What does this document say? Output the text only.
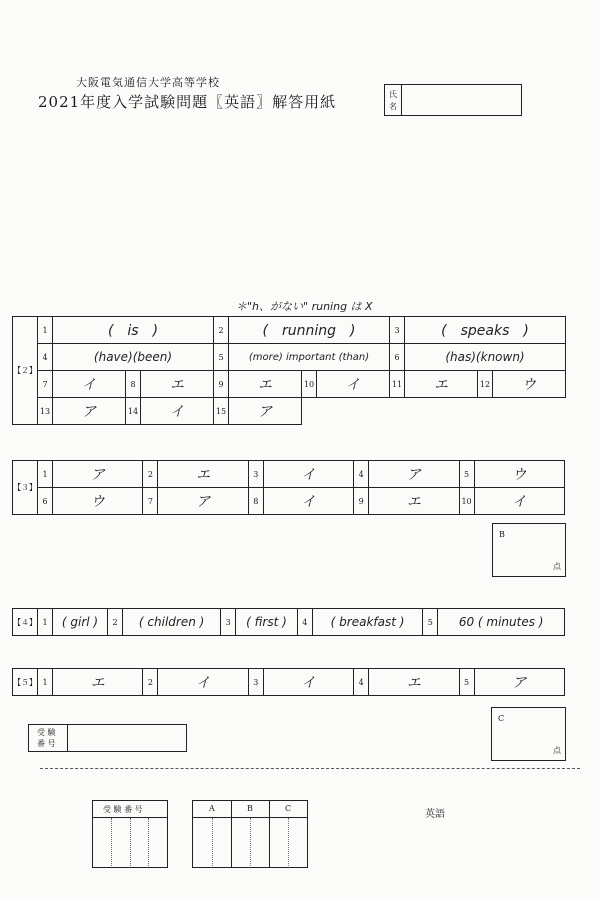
大阪電気通信大学高等学校
2021年度入学試験問題〖英語〗解答用紙	氏
名
＊"h、がない" runing は X
【２】	1	(　is　)			2	(　running　)			3	(　speaks　)		
	4	(have)(been)			5	(more) important (than)			6	(has)(known)		
	7	イ	8	エ	9	エ	10	イ	11	エ	12	ウ
	13	ア	14	イ	15	ア						
【３】	1	ア	2	エ	3	イ	4	ア	5	ウ
	6	ウ	7	ア	8	イ	9	エ	10	イ
B
点
【４】	1	( girl )	2	( children )	3	( first )	4	( breakfast )	5	60 ( minutes )
【５】	1	エ	2	イ	3	イ	4	エ	5	ア
受 験
番 号
C
点
受 験 番 号	A	B	C
英語
